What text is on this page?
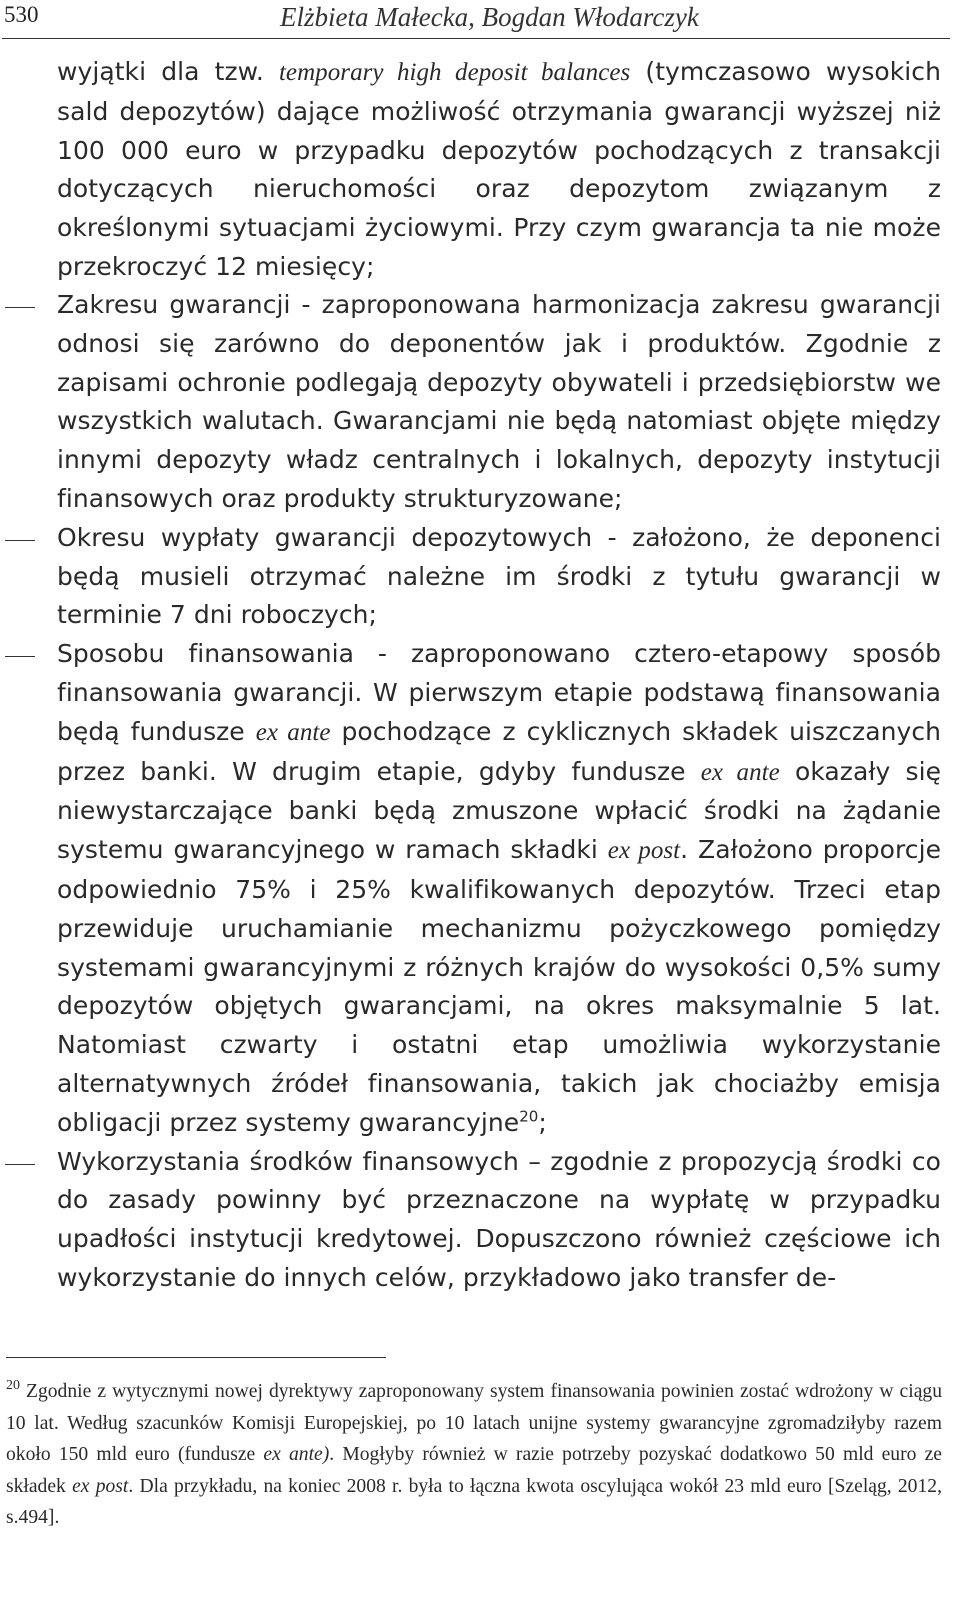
530	Elżbieta Małecka, Bogdan Włodarczyk

wyjątki dla tzw. temporary high deposit balances (tymczasowo wysokich sald depozytów) dające możliwość otrzymania gwarancji wyższej niż 100 000 euro w przypadku depozytów pochodzących z transakcji dotyczących nieruchomości oraz depozytom związanym z określonymi sytuacjami życiowymi. Przy czym gwarancja ta nie może przekroczyć 12 miesięcy;

Zakresu gwarancji - zaproponowana harmonizacja zakresu gwarancji odnosi się zarówno do deponentów jak i produktów. Zgodnie z zapisami ochronie podlegają depozyty obywateli i przedsiębiorstw we wszystkich walutach. Gwarancjami nie będą natomiast objęte między innymi depozyty władz centralnych i lokalnych, depozyty instytucji finansowych oraz produkty strukturyzowane;
Okresu wypłaty gwarancji depozytowych - założono, że deponenci będą musieli otrzymać należne im środki z tytułu gwarancji w terminie 7 dni roboczych;
Sposobu finansowania - zaproponowano cztero-etapowy sposób finansowania gwarancji. W pierwszym etapie podstawą finansowania będą fundusze ex ante pochodzące z cyklicznych składek uiszczanych przez banki. W drugim etapie, gdyby fundusze ex ante okazały się niewystarczające banki będą zmuszone wpłacić środki na żądanie systemu gwarancyjnego w ramach składki ex post. Założono proporcje odpowiednio 75% i 25% kwalifikowanych depozytów. Trzeci etap przewiduje uruchamianie mechanizmu pożyczkowego pomiędzy systemami gwarancyjnymi z różnych krajów do wysokości 0,5% sumy depozytów objętych gwarancjami, na okres maksymalnie 5 lat. Natomiast czwarty i ostatni etap umożliwia wykorzystanie alternatywnych źródeł finansowania, takich jak chociażby emisja obligacji przez systemy gwarancyjne$^{20}$;
Wykorzystania środków finansowych – zgodnie z propozycją środki co do zasady powinny być przeznaczone na wypłatę w przypadku upadłości instytucji kredytowej. Dopuszczono również częściowe ich wykorzystanie do innych celów, przykładowo jako transfer de-

$^{20}$ Zgodnie z wytycznymi nowej dyrektywy zaproponowany system finansowania powinien zostać wdrożony w ciągu 10 lat. Według szacunków Komisji Europejskiej, po 10 latach unijne systemy gwarancyjne zgromadziłyby razem około 150 mld euro (fundusze ex ante). Mogłyby również w razie potrzeby pozyskać dodatkowo 50 mld euro ze składek ex post. Dla przykładu, na koniec 2008 r. była to łączna kwota oscylująca wokół 23 mld euro [Szeląg, 2012, s.494].
